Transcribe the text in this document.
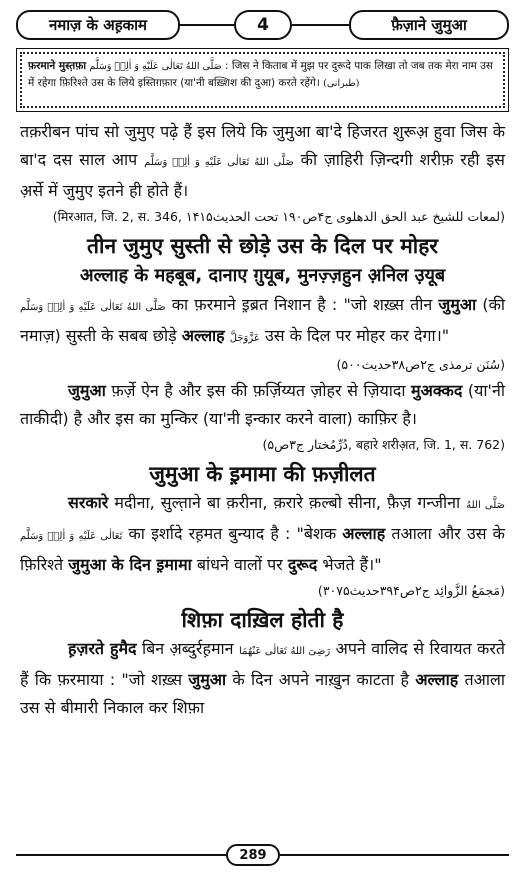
नमाज़ के अह़काम	4	फ़ैज़ाने जुमुआ
फ़रमाने मुस्त़फ़ा صَلَّى اللهُ تَعَالٰى عَلَيْهِ وَ اٰلِهٖ وَسَلَّم : जिस ने किताब में मुझ पर दुरूदे पाक लिखा तो जब तक मेरा नाम उस में रहेगा फ़िरिश्ते उस के लिये इस्तिग़फ़ार (या'नी बख़्शिश की दुआ) करते रहेंगे। (طبرانی)

तक़रीबन पांच सो जुमुए पढ़े हैं इस लिये कि जुमुआ बा'दे हिजरत शुरूअ़ हुवा जिस के बा'द दस साल आप صَلَّى اللهُ تَعَالٰى عَلَيْهِ وَ اٰلِهٖ وَسَلَّم की ज़ाहिरी ज़िन्दगी शरीफ़ रही इस अ़र्से में जुमुए इतने ही होते हैं।

(मिरआत, जि. 2, स. 346, لمعات للشيخ عبد الحق الدهلوی ج۴ص۱۹۰ تحت الحديث۱۴۱۵)

तीन जुमुए सुस्ती से छोड़े उस के दिल पर मोहर
अल्लाह के महबूब, दानाए ग़ुयूब, मुनज़्ज़हुन अ़निल उ़यूब

صَلَّى اللهُ تَعَالٰى عَلَيْهِ وَ اٰلِهٖ وَسَلَّم का फ़रमाने इ़ब्रत निशान है : "जो शख़्स तीन जुमुआ (की नमाज़) सुस्ती के सबब छोड़े अल्लाह عَزَّوَجَلَّ उस के दिल पर मोहर कर देगा।"

(سُنَن ترمذی ج۲ص۳۸حديث۵۰۰)

जुमुआ फ़र्ज़े ऐन है और इस की फ़र्ज़िय्यत ज़ोहर से ज़ियादा मुअक्कद (या'नी ताकीदी) है और इस का मुन्किर (या'नी इन्कार करने वाला) काफ़िर है।

(دُرِّمُختار ج۳ص۵, बहारे शरीअ़त, जि. 1, स. 762)

जुमुआ के इ़मामा की फ़ज़ीलत

सरकारे मदीना, सुल्त़ाने बा क़रीना, क़रारे क़ल्बो सीना, फ़ैज़ गन्जीना صَلَّى اللهُ تَعَالٰى عَلَيْهِ وَ اٰلِهٖ وَسَلَّم का इर्शादे रह़मत बुन्याद है : "बेशक अल्लाह तआला और उस के फ़िरिश्ते जुमुआ के दिन इ़मामा बांधने वालों पर दुरूद भेजते हैं।"

(مَجمَعُ الزَّوائِد ج۲ص۳۹۴حديث۳۰۷۵)

शिफ़ा दाख़िल होती है

ह़ज़रते हुमैद बिन अ़ब्दुर्रह़मान رَضِیَ اللهُ تَعَالٰی عَنْهُمَا अपने वालिद से रिवायत करते हैं कि फ़रमाया : "जो शख़्स जुमुआ के दिन अपने नाख़ुन काटता है अल्लाह तआला उस से बीमारी निकाल कर शिफ़ा

289
